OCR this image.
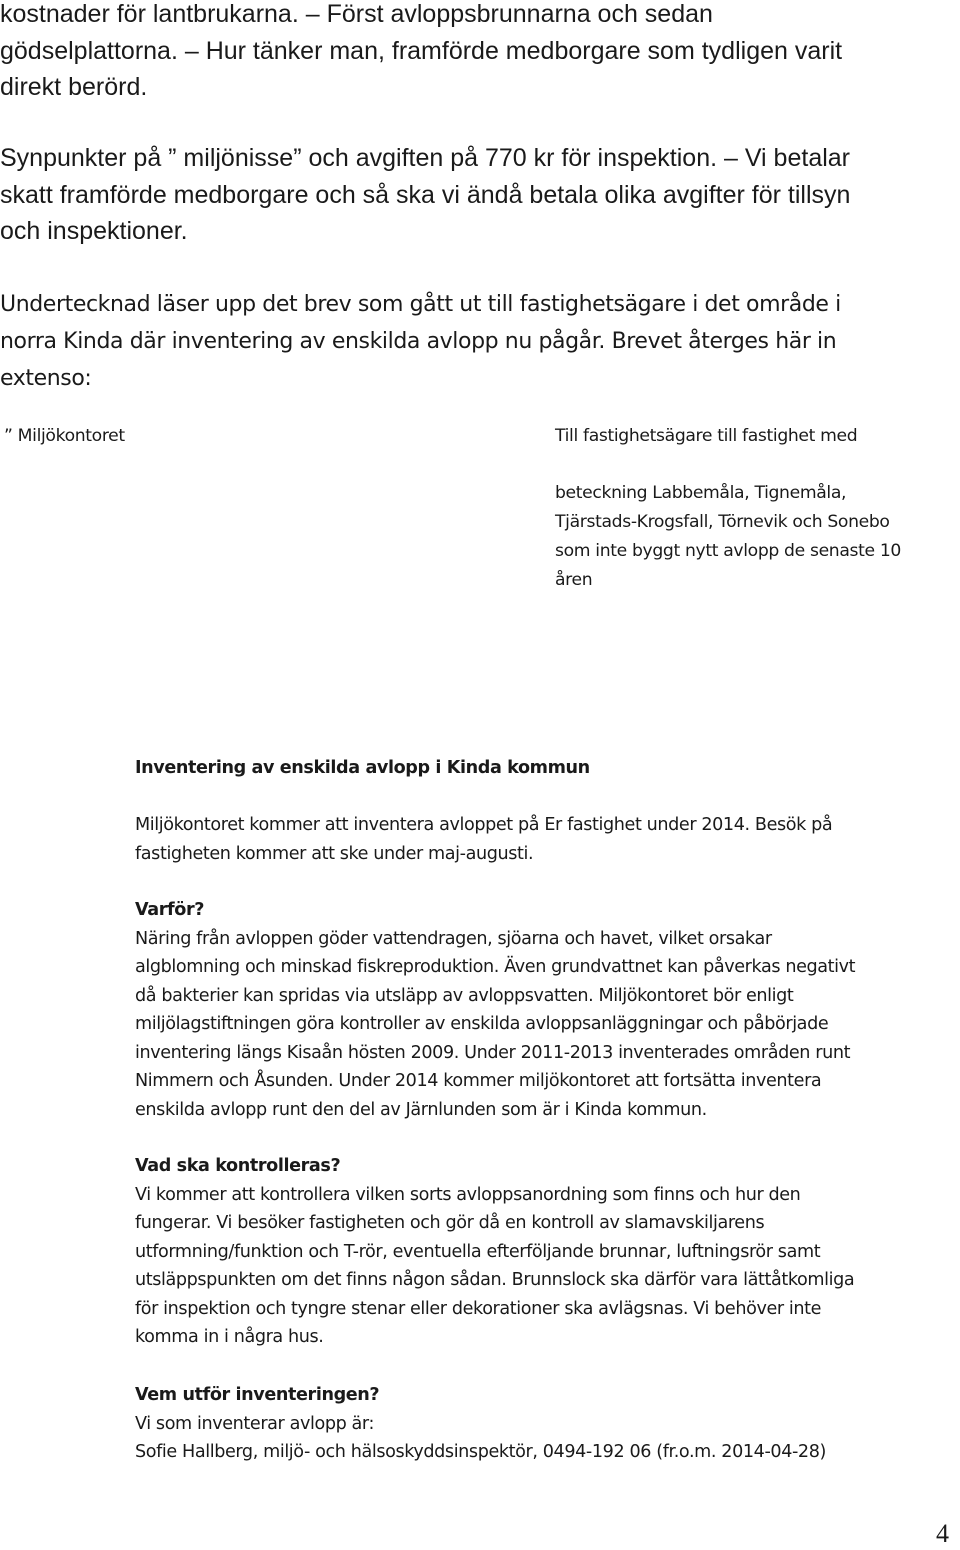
kostnader för lantbrukarna. – Först avloppsbrunnarna och sedan
gödselplattorna. – Hur tänker man, framförde medborgare som tydligen varit
direkt berörd.
Synpunkter på ” miljönisse” och avgiften på 770 kr för inspektion. – Vi betalar
skatt framförde medborgare och så ska vi ändå betala olika avgifter för tillsyn
och inspektioner.
Undertecknad läser upp det brev som gått ut till fastighetsägare i det område i
norra Kinda där inventering av enskilda avlopp nu pågår. Brevet återges här in
extenso:
” Miljökontoret	Till fastighetsägare till fastighet med
beteckning Labbemåla, Tignemåla,
Tjärstads-Krogsfall, Törnevik och Sonebo
som inte byggt nytt avlopp de senaste 10
åren
Inventering av enskilda avlopp i Kinda kommun
Miljökontoret kommer att inventera avloppet på Er fastighet under 2014. Besök på
fastigheten kommer att ske under maj-augusti.
Varför?
Näring från avloppen göder vattendragen, sjöarna och havet, vilket orsakar
algblomning och minskad fiskreproduktion. Även grundvattnet kan påverkas negativt
då bakterier kan spridas via utsläpp av avloppsvatten. Miljökontoret bör enligt
miljölagstiftningen göra kontroller av enskilda avloppsanläggningar och påbörjade
inventering längs Kisaån hösten 2009. Under 2011-2013 inventerades områden runt
Nimmern och Åsunden. Under 2014 kommer miljökontoret att fortsätta inventera
enskilda avlopp runt den del av Järnlunden som är i Kinda kommun.
Vad ska kontrolleras?
Vi kommer att kontrollera vilken sorts avloppsanordning som finns och hur den
fungerar. Vi besöker fastigheten och gör då en kontroll av slamavskiljarens
utformning/funktion och T-rör, eventuella efterföljande brunnar, luftningsrör samt
utsläppspunkten om det finns någon sådan. Brunnslock ska därför vara lättåtkomliga
för inspektion och tyngre stenar eller dekorationer ska avlägsnas. Vi behöver inte
komma in i några hus.
Vem utför inventeringen?
Vi som inventerar avlopp är:
Sofie Hallberg, miljö- och hälsoskyddsinspektör, 0494-192 06 (fr.o.m. 2014-04-28)
4
